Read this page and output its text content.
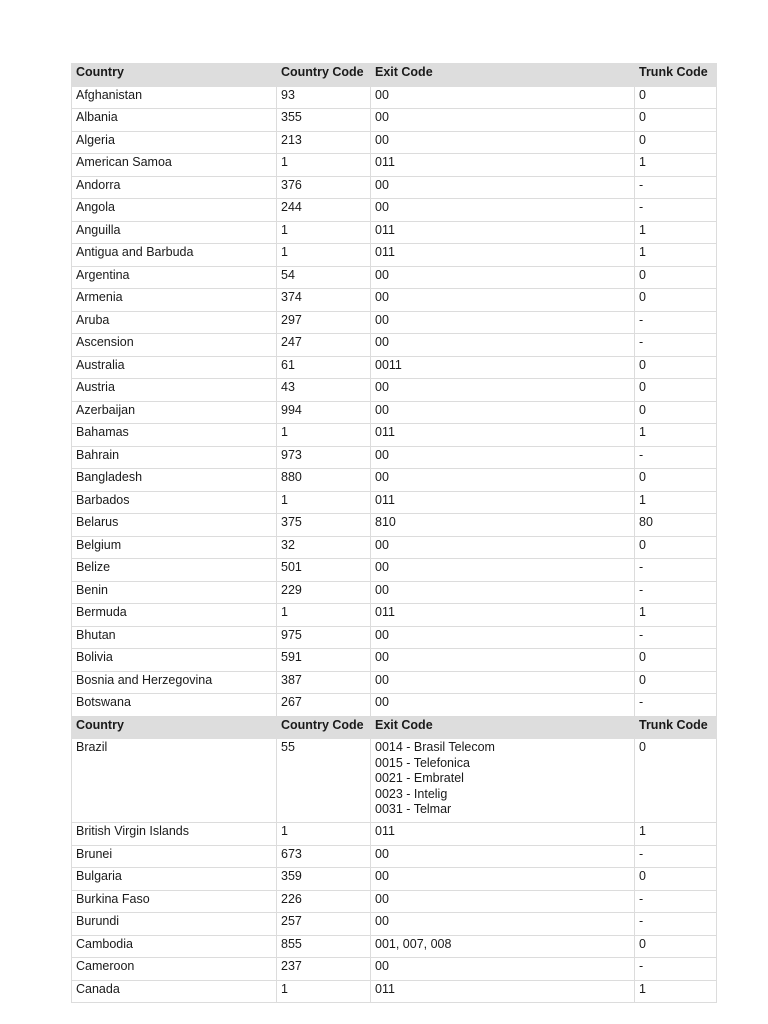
Country	Country Code	Exit Code	Trunk Code
Afghanistan	93	00	0
Albania	355	00	0
Algeria	213	00	0
American Samoa	1	011	1
Andorra	376	00	-
Angola	244	00	-
Anguilla	1	011	1
Antigua and Barbuda	1	011	1
Argentina	54	00	0
Armenia	374	00	0
Aruba	297	00	-
Ascension	247	00	-
Australia	61	0011	0
Austria	43	00	0
Azerbaijan	994	00	0
Bahamas	1	011	1
Bahrain	973	00	-
Bangladesh	880	00	0
Barbados	1	011	1
Belarus	375	810	80
Belgium	32	00	0
Belize	501	00	-
Benin	229	00	-
Bermuda	1	011	1
Bhutan	975	00	-
Bolivia	591	00	0
Bosnia and Herzegovina	387	00	0
Botswana	267	00	-
Country	Country Code	Exit Code	Trunk Code
Brazil	55	0014 - Brasil Telecom
0015 - Telefonica
0021 - Embratel
0023 - Intelig
0031 - Telmar	0
British Virgin Islands	1	011	1
Brunei	673	00	-
Bulgaria	359	00	0
Burkina Faso	226	00	-
Burundi	257	00	-
Cambodia	855	001, 007, 008	0
Cameroon	237	00	-
Canada	1	011	1
